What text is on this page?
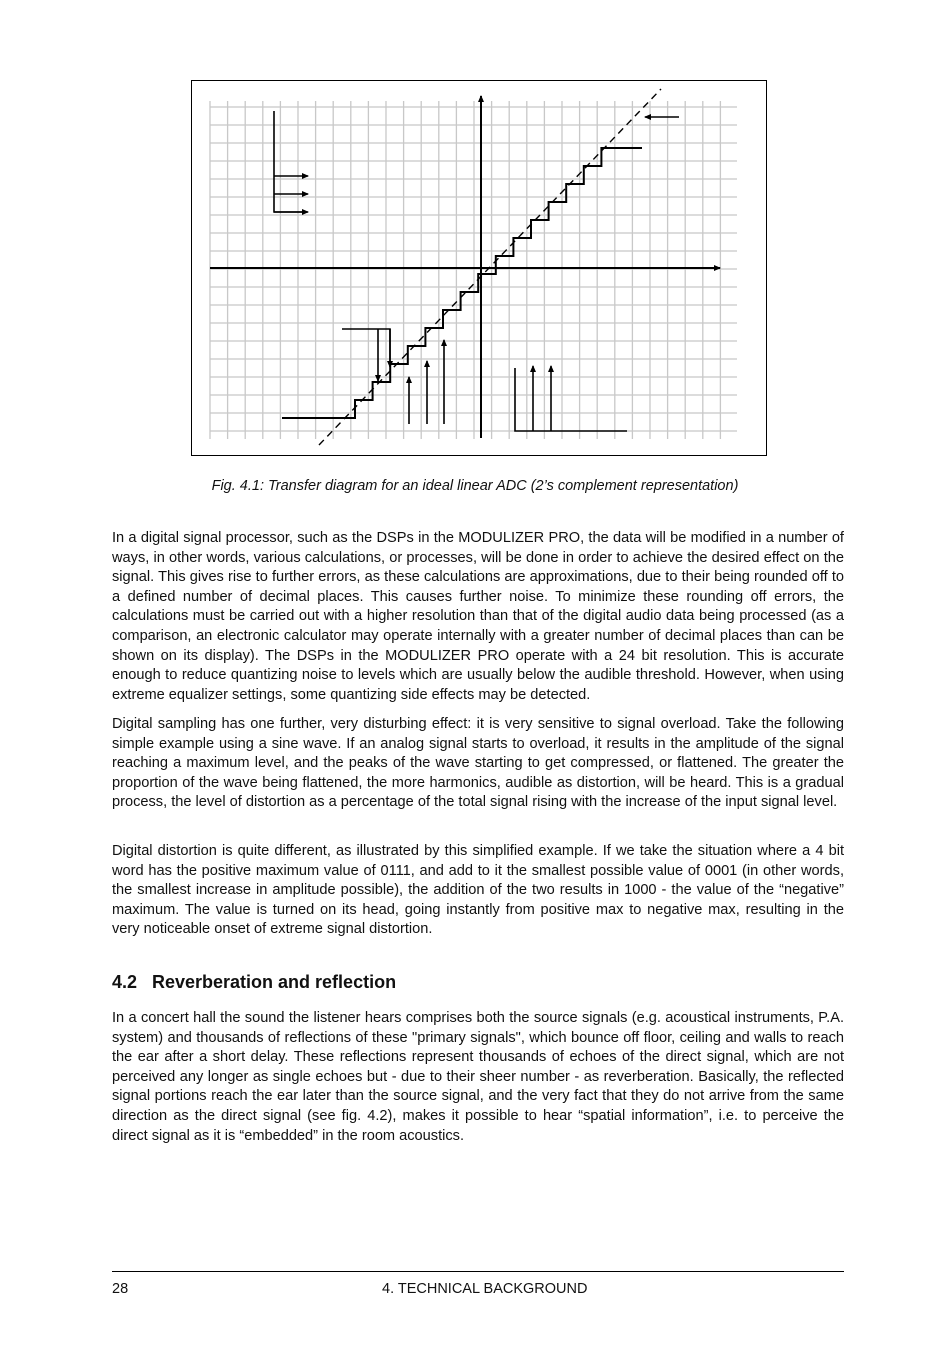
Fig. 4.1: Transfer diagram for an ideal linear ADC (2’s complement representation)

In a digital signal processor, such as the DSPs in the MODULIZER PRO, the data will be modified in a number of ways, in other words, various calculations, or processes, will be done in order to achieve the desired effect on the signal. This gives rise to further errors, as these calculations are approximations, due to their being rounded off to a defined number of decimal places. This causes further noise. To minimize these rounding off errors, the calculations must be carried out with a higher resolution than that of the digital audio data being processed (as a comparison, an electronic calculator may operate internally with a greater number of decimal places than can be shown on its display). The DSPs in the MODULIZER PRO operate with a 24 bit resolution. This is accurate enough to reduce quantizing noise to levels which are usually below the audible threshold. However, when using extreme equalizer settings, some quantizing side effects may be detected.

Digital sampling has one further, very disturbing effect: it is very sensitive to signal overload. Take the following simple example using a sine wave. If an analog signal starts to overload, it results in the amplitude of the signal reaching a maximum level, and the peaks of the wave starting to get compressed, or flattened. The greater the proportion of the wave being flattened, the more harmonics, audible as distortion, will be heard. This is a gradual process, the level of distortion as a percentage of the total signal rising with the increase of the input signal level.

Digital distortion is quite different, as illustrated by this simplified example. If we take the situation where a 4 bit word has the positive maximum value of 0111, and add to it the smallest possible value of 0001 (in other words, the smallest increase in amplitude possible), the addition of the two results in 1000 - the value of the “negative” maximum. The value is turned on its head, going instantly from positive max to negative max, resulting in the very noticeable onset of extreme signal distortion.

4.2 Reverberation and reflection

In a concert hall the sound the listener hears comprises both the source signals (e.g. acoustical instruments, P.A. system) and thousands of reflections of these "primary signals", which bounce off floor, ceiling and walls to reach the ear after a short delay. These reflections represent thousands of echoes of the direct signal, which are not perceived any longer as single echoes but - due to their sheer number - as reverberation. Basically, the reflected signal portions reach the ear later than the source signal, and the very fact that they do not arrive from the same direction as the direct signal (see fig. 4.2), makes it possible to hear “spatial information”, i.e. to perceive the direct signal as it is “embedded” in the room acoustics.

28	4. TECHNICAL BACKGROUND
